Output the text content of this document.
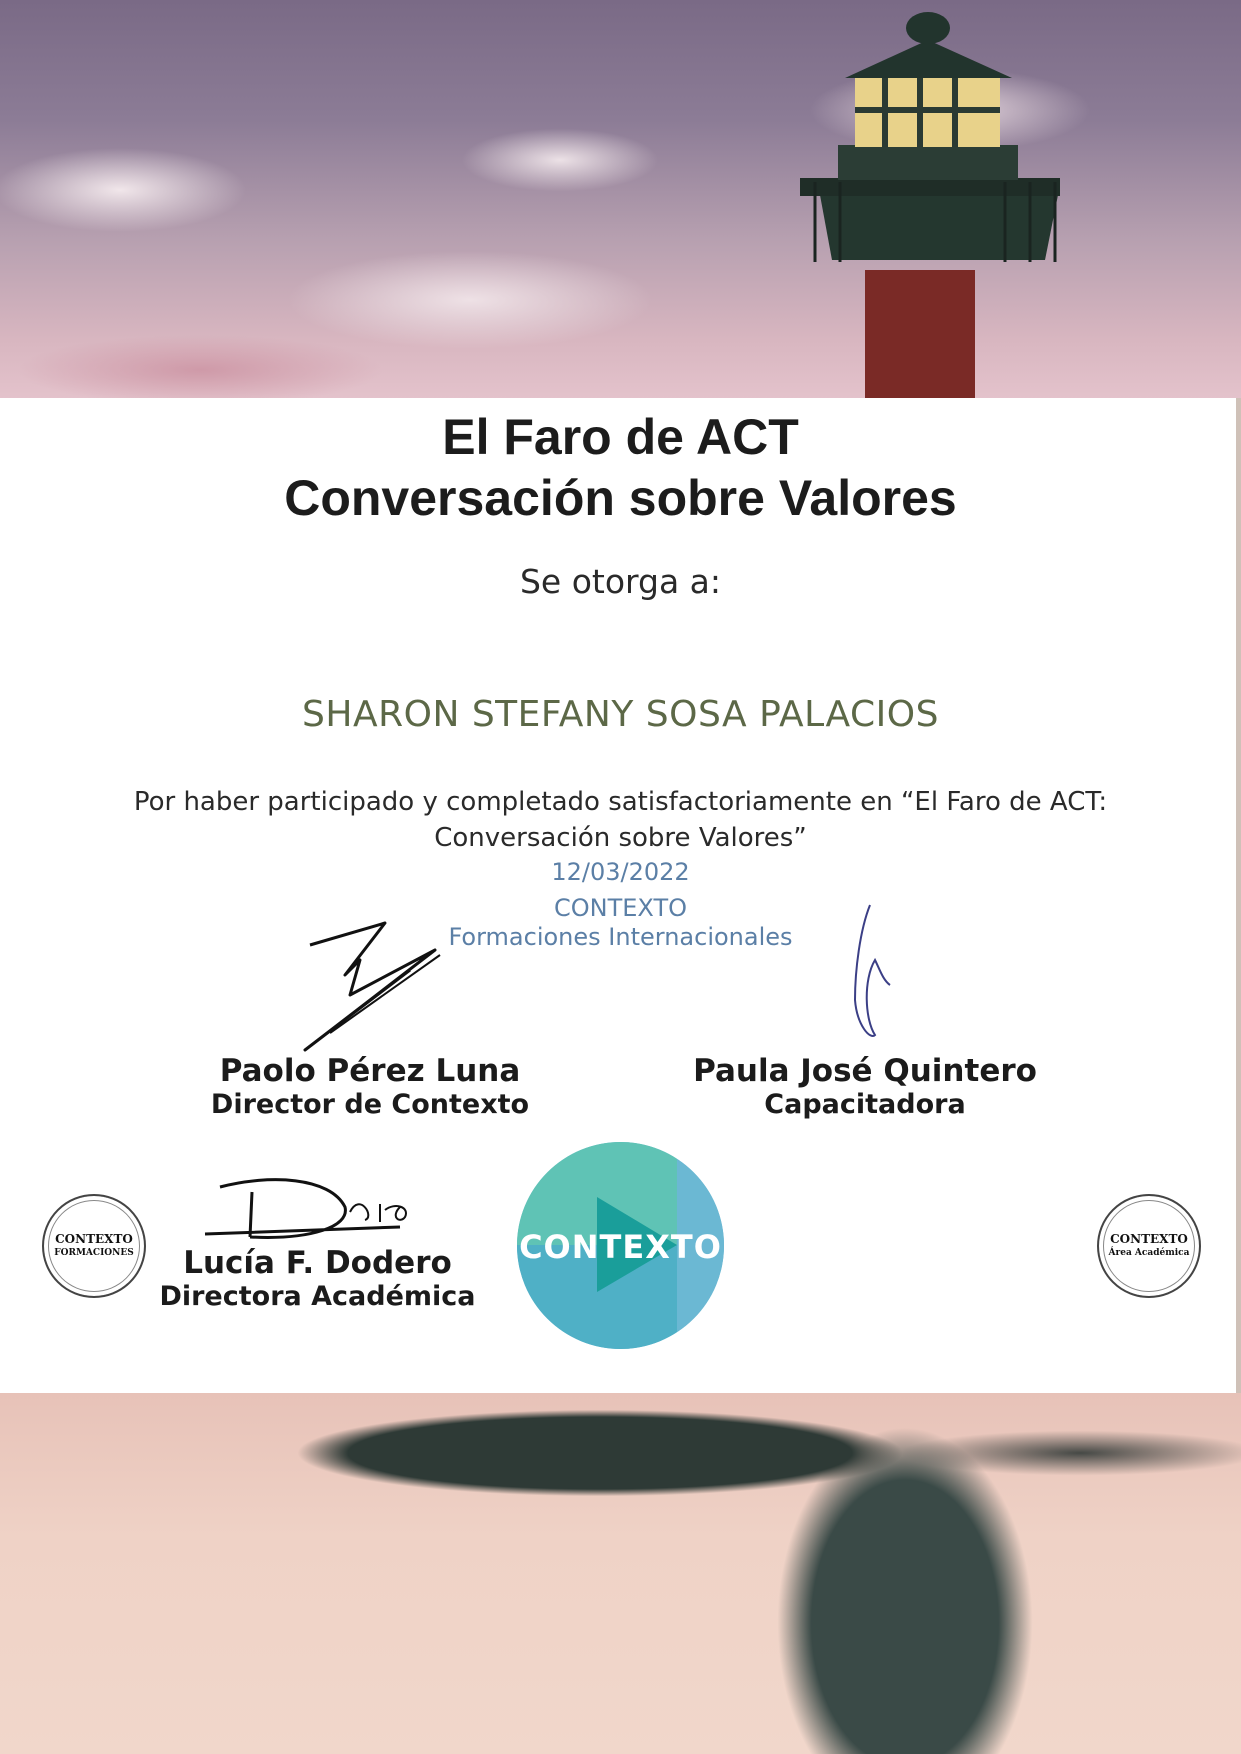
El Faro de ACT
Conversación sobre Valores
Se otorga a:
SHARON STEFANY SOSA PALACIOS
Por haber participado y completado satisfactoriamente en “El Faro de ACT:
Conversación sobre Valores”
12/03/2022
CONTEXTO
Formaciones Internacionales
Paolo Pérez Luna
Director de Contexto
Paula José Quintero
Capacitadora
Lucía F. Dodero
Directora Académica
CONTEXTO
FORMACIONES
CONTEXTO
Área Académica
CONTEXTO
